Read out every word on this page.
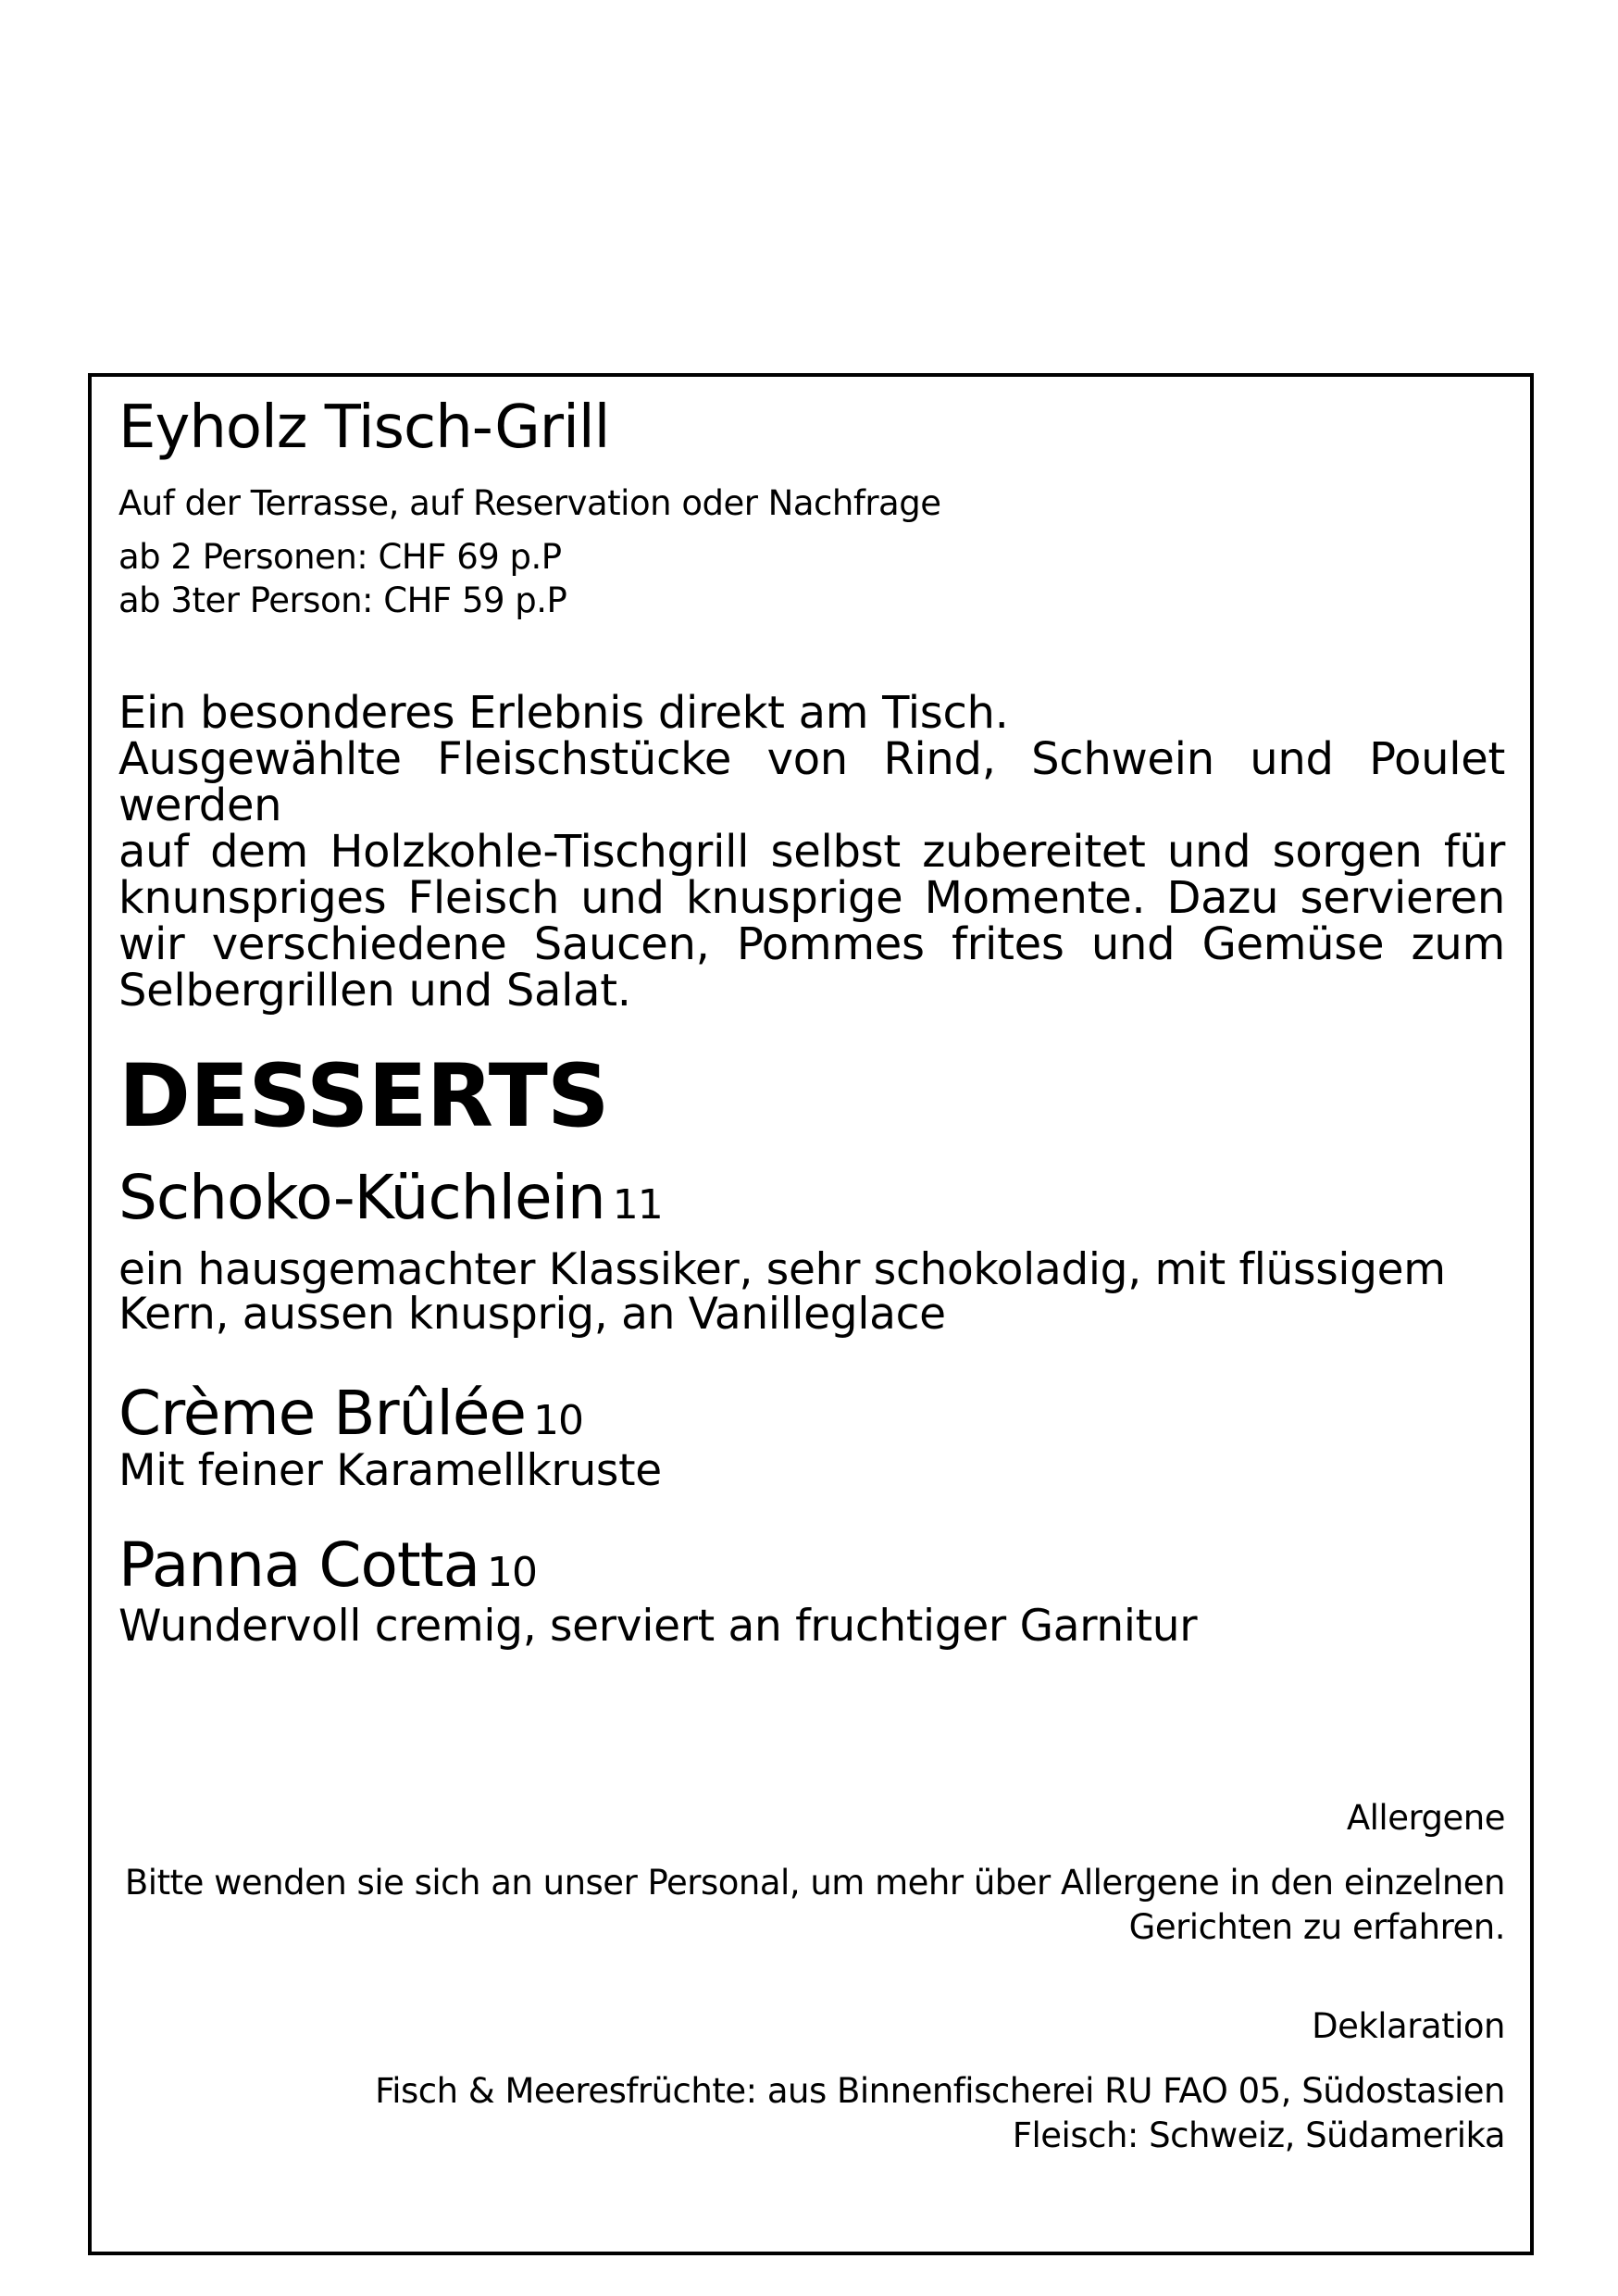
Eyholz Tisch-Grill
Auf der Terrasse, auf Reservation oder Nachfrage
ab 2 Personen: CHF 69 p.P
ab 3ter Person: CHF 59 p.P
Ein besonderes Erlebnis direkt am Tisch.
Ausgewählte Fleischstücke von Rind, Schwein und Poulet werden
auf dem Holzkohle-Tischgrill selbst zubereitet und sorgen für
knunspriges Fleisch und knusprige Momente. Dazu servieren
wir verschiedene Saucen, Pommes frites und Gemüse zum
Selbergrillen und Salat.
DESSERTS
Schoko-Küchlein 11
ein hausgemachter Klassiker, sehr schokoladig, mit flüssigem
Kern, aussen knusprig, an Vanilleglace
Crème Brûlée 10
Mit feiner Karamellkruste
Panna Cotta 10
Wundervoll cremig, serviert an fruchtiger Garnitur
Allergene
Bitte wenden sie sich an unser Personal, um mehr über Allergene in den einzelnen
Gerichten zu erfahren.
Deklaration
Fisch & Meeresfrüchte: aus Binnenfischerei RU FAO 05, Südostasien
Fleisch: Schweiz, Südamerika
